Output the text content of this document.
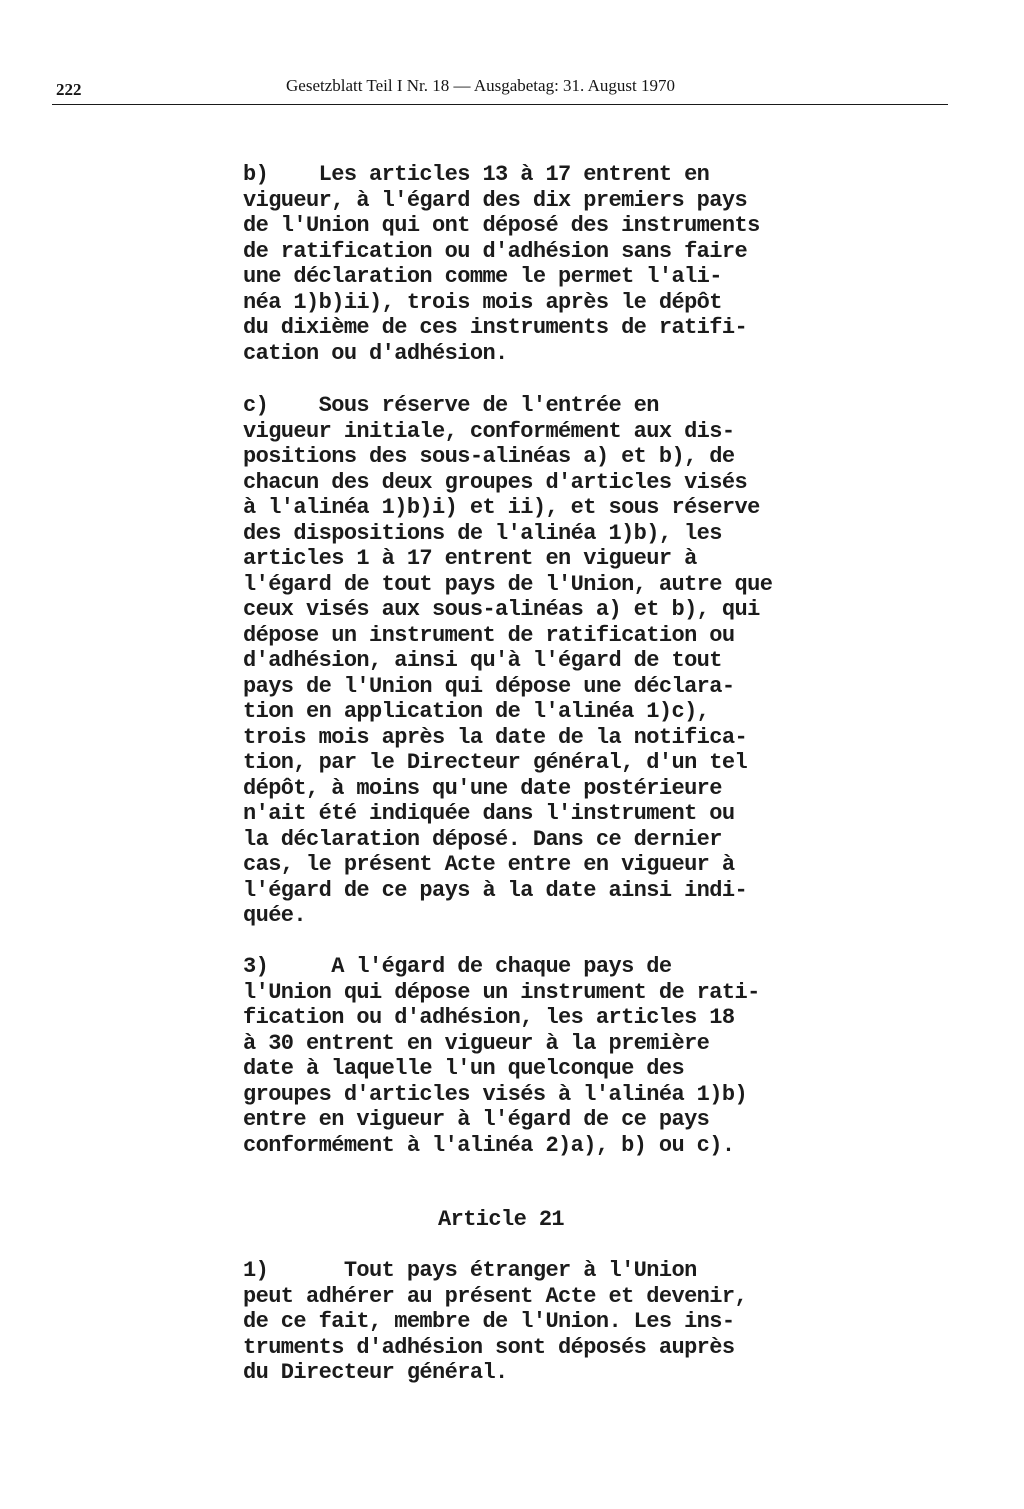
222	Gesetzblatt Teil I Nr. 18 — Ausgabetag: 31. August 1970

b)    Les articles 13 à 17 entrent en
vigueur, à l'égard des dix premiers pays
de l'Union qui ont déposé des instruments
de ratification ou d'adhésion sans faire
une déclaration comme le permet l'ali-
néa 1)b)ii), trois mois après le dépôt
du dixième de ces instruments de ratifi-
cation ou d'adhésion.

c)    Sous réserve de l'entrée en
vigueur initiale, conformément aux dis-
positions des sous-alinéas a) et b), de
chacun des deux groupes d'articles visés
à l'alinéa 1)b)i) et ii), et sous réserve
des dispositions de l'alinéa 1)b), les
articles 1 à 17 entrent en vigueur à
l'égard de tout pays de l'Union, autre que
ceux visés aux sous-alinéas a) et b), qui
dépose un instrument de ratification ou
d'adhésion, ainsi qu'à l'égard de tout
pays de l'Union qui dépose une déclara-
tion en application de l'alinéa 1)c),
trois mois après la date de la notifica-
tion, par le Directeur général, d'un tel
dépôt, à moins qu'une date postérieure
n'ait été indiquée dans l'instrument ou
la déclaration déposé. Dans ce dernier
cas, le présent Acte entre en vigueur à
l'égard de ce pays à la date ainsi indi-
quée.

3)     A l'égard de chaque pays de
l'Union qui dépose un instrument de rati-
fication ou d'adhésion, les articles 18
à 30 entrent en vigueur à la première
date à laquelle l'un quelconque des
groupes d'articles visés à l'alinéa 1)b)
entre en vigueur à l'égard de ce pays
conformément à l'alinéa 2)a), b) ou c).

Article 21

1)      Tout pays étranger à l'Union
peut adhérer au présent Acte et devenir,
de ce fait, membre de l'Union. Les ins-
truments d'adhésion sont déposés auprès
du Directeur général.
